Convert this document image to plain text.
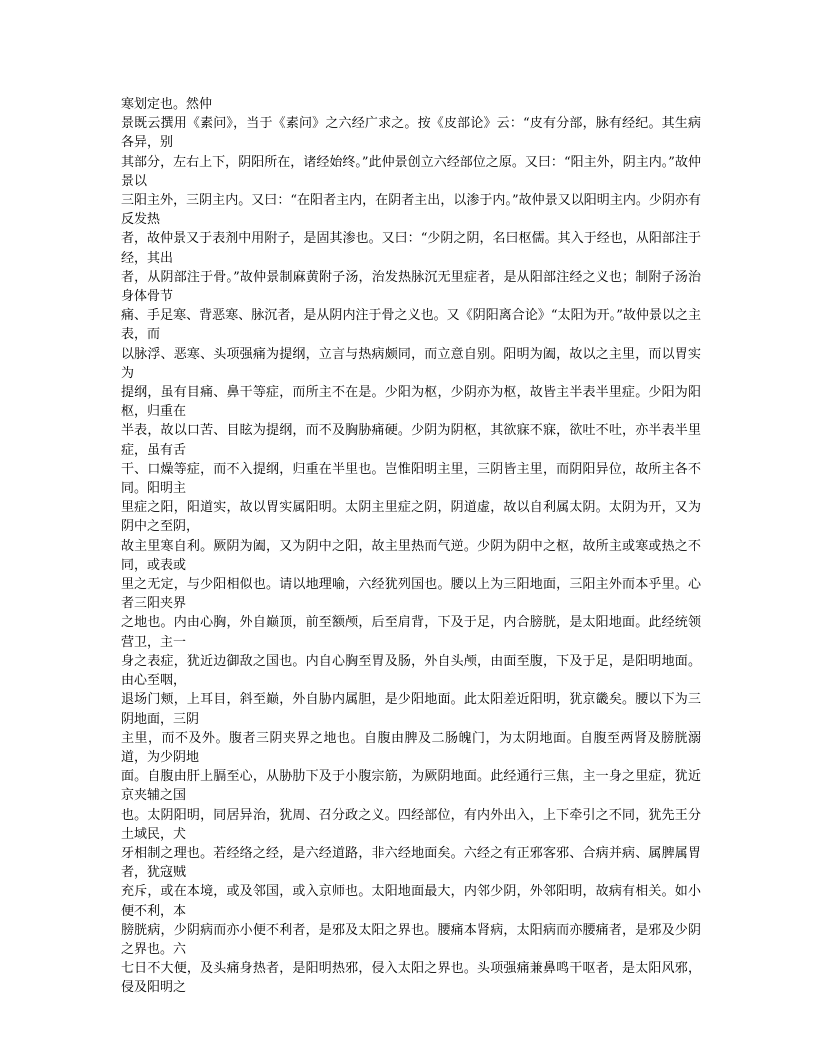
寒划定也。然仲

景既云撰用《素问》，当于《素问》之六经广求之。按《皮部论》云：“皮有分部，脉有经纪。其生病各异，别

其部分，左右上下，阴阳所在，诸经始终。”此仲景创立六经部位之原。又曰：“阳主外，阴主内。”故仲景以

三阳主外，三阴主内。又曰：“在阳者主内，在阴者主出，以渗于内。”故仲景又以阳明主内。少阴亦有反发热

者，故仲景又于表剂中用附子，是固其渗也。又曰：“少阴之阴，名曰枢儒。其入于经也，从阳部注于经，其出

者，从阴部注于骨。”故仲景制麻黄附子汤，治发热脉沉无里症者，是从阳部注经之义也；制附子汤治身体骨节

痛、手足寒、背恶寒、脉沉者，是从阴内注于骨之义也。又《阴阳离合论》“太阳为开。”故仲景以之主表，而

以脉浮、恶寒、头项强痛为提纲，立言与热病颇同，而立意自别。阳明为阖，故以之主里，而以胃实为

提纲，虽有目痛、鼻干等症，而所主不在是。少阳为枢，少阴亦为枢，故皆主半表半里症。少阳为阳枢，归重在

半表，故以口苦、目眩为提纲，而不及胸胁痛硬。少阴为阴枢，其欲寐不寐，欲吐不吐，亦半表半里症，虽有舌

干、口燥等症，而不入提纲，归重在半里也。岂惟阳明主里，三阴皆主里，而阴阳异位，故所主各不同。阳明主

里症之阳，阳道实，故以胃实属阳明。太阴主里症之阴，阴道虚，故以自利属太阴。太阴为开，又为阴中之至阴，

故主里寒自利。厥阴为阖，又为阴中之阳，故主里热而气逆。少阴为阴中之枢，故所主或寒或热之不同，或表或

里之无定，与少阳相似也。请以地理喻，六经犹列国也。腰以上为三阳地面，三阳主外而本乎里。心者三阳夹界

之地也。内由心胸，外自巅顶，前至额颅，后至肩背，下及于足，内合膀胱，是太阳地面。此经统领营卫，主一

身之表症，犹近边御敌之国也。内自心胸至胃及肠，外自头颅，由面至腹，下及于足，是阳明地面。由心至咽，

退场门颊，上耳目，斜至巅，外自胁内属胆，是少阳地面。此太阳差近阳明，犹京畿矣。腰以下为三阴地面，三阴

主里，而不及外。腹者三阴夹界之地也。自腹由脾及二肠魄门，为太阴地面。自腹至两肾及膀胱溺道，为少阴地

面。自腹由肝上膈至心，从胁肋下及于小腹宗筋，为厥阴地面。此经通行三焦，主一身之里症，犹近京夹辅之国

也。太阴阳明，同居异治，犹周、召分政之义。四经部位，有内外出入，上下牵引之不同，犹先王分土域民，犬

牙相制之理也。若经络之经，是六经道路，非六经地面矣。六经之有正邪客邪、合病并病、属脾属胃者，犹寇贼

充斥，或在本境，或及邻国，或入京师也。太阳地面最大，内邻少阴，外邻阳明，故病有相关。如小便不利，本

膀胱病，少阴病而亦小便不利者，是邪及太阳之界也。腰痛本肾病，太阳病而亦腰痛者，是邪及少阴之界也。六

七日不大便，及头痛身热者，是阳明热邪，侵入太阳之界也。头项强痛兼鼻鸣干呕者，是太阳风邪，侵及阳明之
